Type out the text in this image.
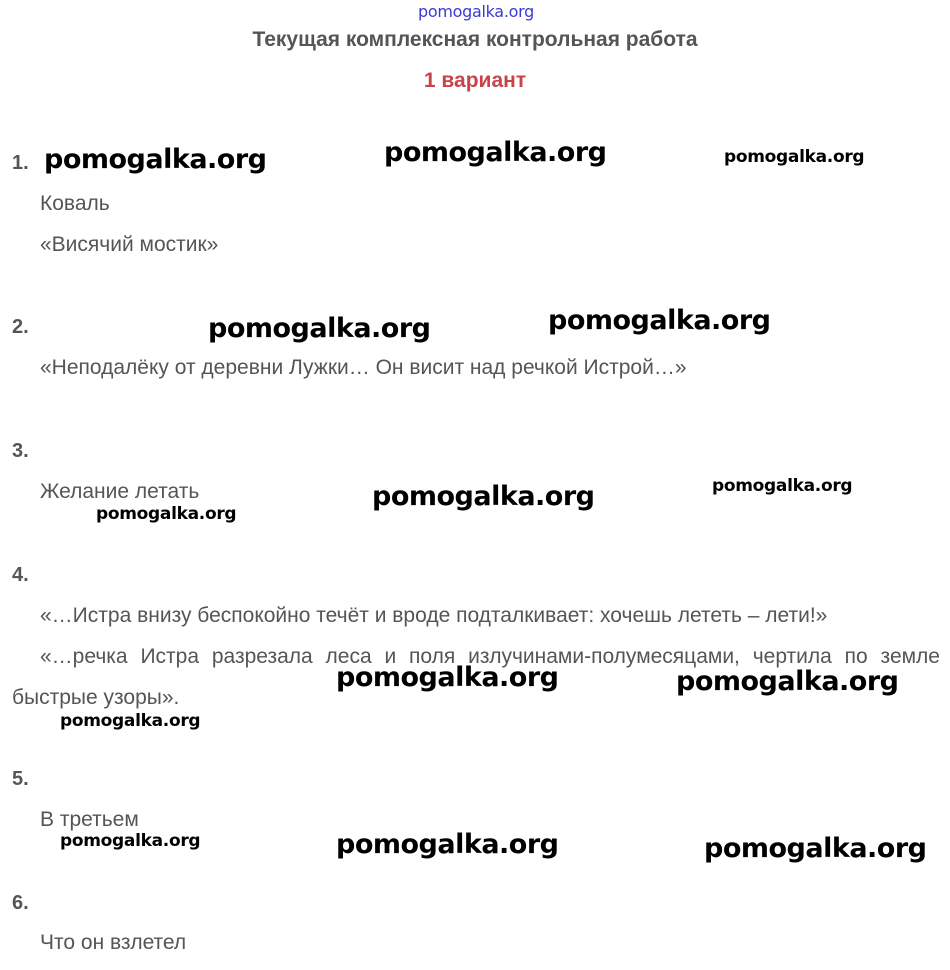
pomogalka.org
Текущая комплексная контрольная работа
1 вариант
1.
Коваль
«Висячий мостик»
2.
«Неподалёку от деревни Лужки… Он висит над речкой Истрой…»
3.
Желание летать
4.
«…Истра внизу беспокойно течёт и вроде подталкивает: хочешь лететь – лети!»
«…речка Истра разрезала леса и поля излучинами-полумесяцами, чертила по земле быстрые узоры».
5.
В третьем
6.
Что он взлетел
pomogalka.org	pomogalka.org	pomogalka.org
pomogalka.org	pomogalka.org
pomogalka.org	pomogalka.org
pomogalka.org
pomogalka.org	pomogalka.org
pomogalka.org
pomogalka.org	pomogalka.org	pomogalka.org
